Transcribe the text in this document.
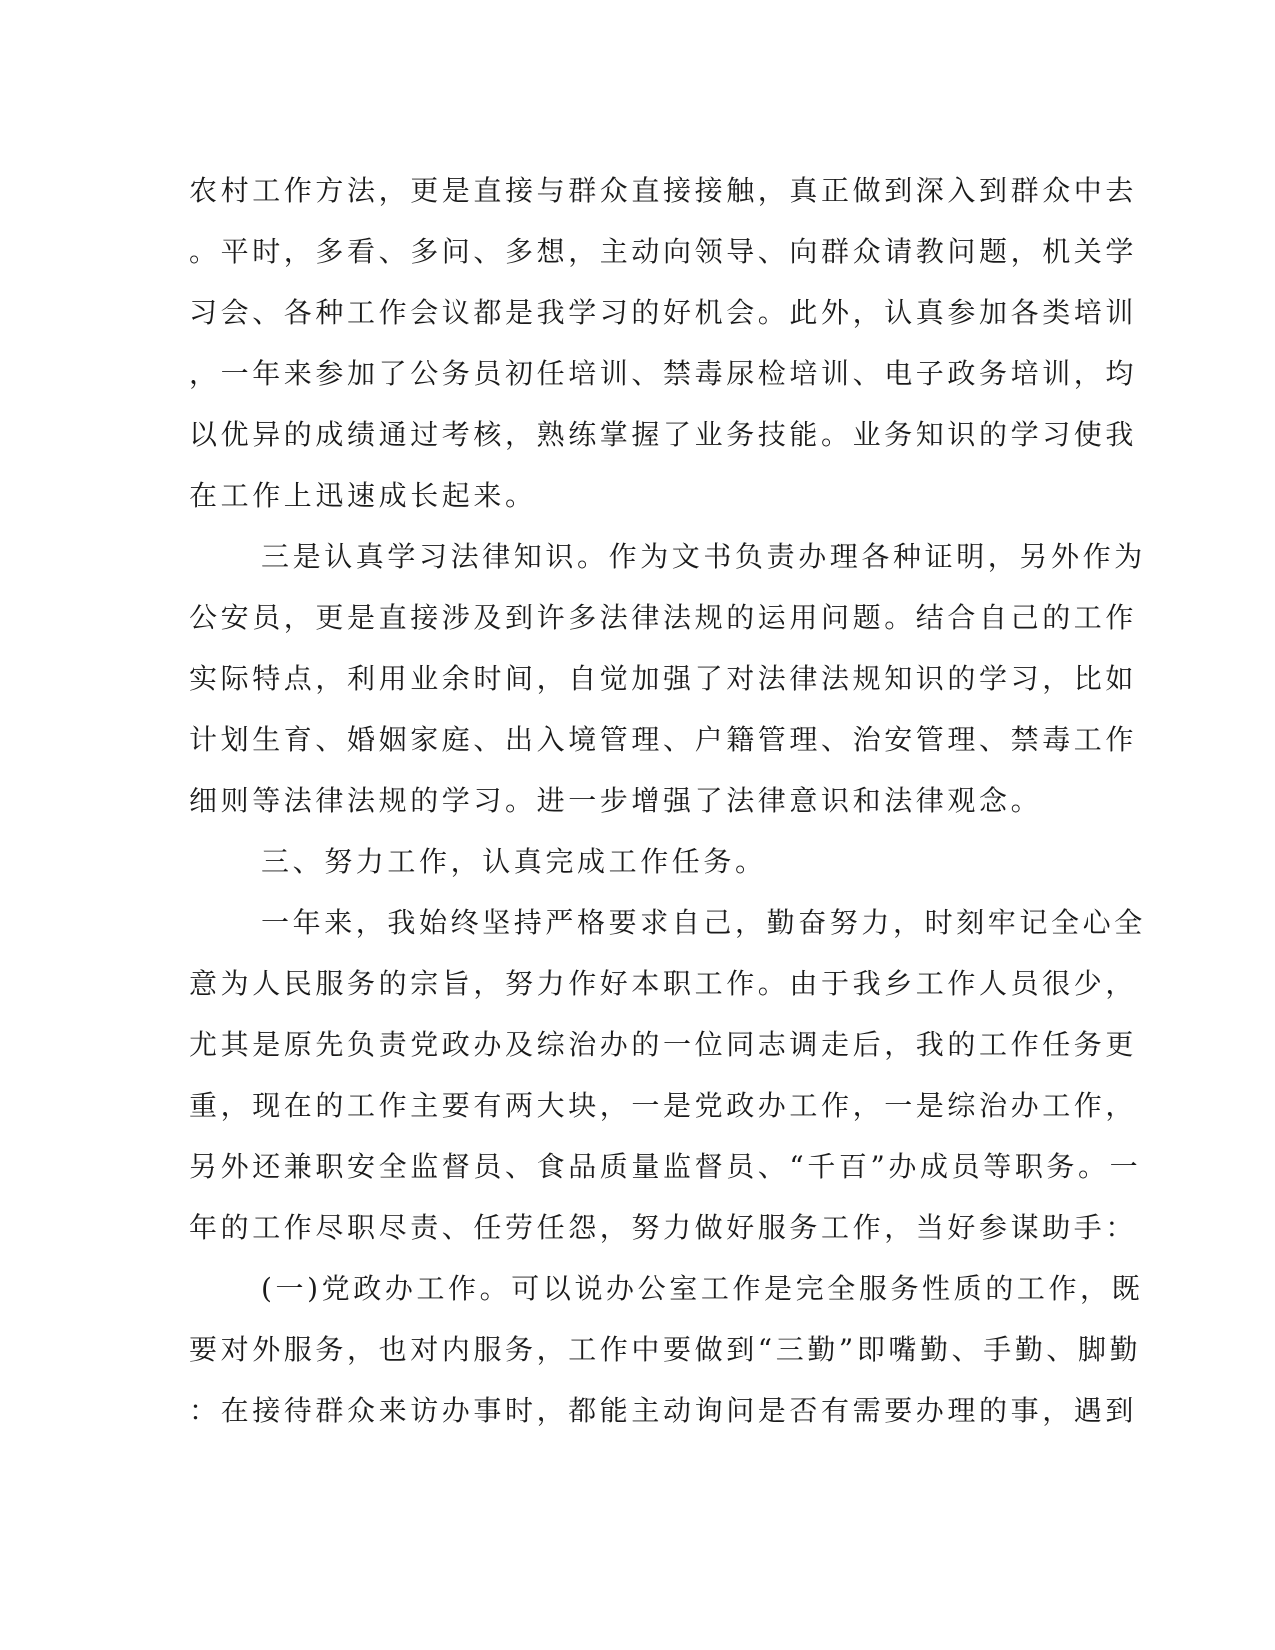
农村工作方法，更是直接与群众直接接触，真正做到深入到群众中去
。平时，多看、多问、多想，主动向领导、向群众请教问题，机关学
习会、各种工作会议都是我学习的好机会。此外，认真参加各类培训
，一年来参加了公务员初任培训、禁毒尿检培训、电子政务培训，均
以优异的成绩通过考核，熟练掌握了业务技能。业务知识的学习使我
在工作上迅速成长起来。
三是认真学习法律知识。作为文书负责办理各种证明，另外作为
公安员，更是直接涉及到许多法律法规的运用问题。结合自己的工作
实际特点，利用业余时间，自觉加强了对法律法规知识的学习，比如
计划生育、婚姻家庭、出入境管理、户籍管理、治安管理、禁毒工作
细则等法律法规的学习。进一步增强了法律意识和法律观念。
三、努力工作，认真完成工作任务。
一年来，我始终坚持严格要求自己，勤奋努力，时刻牢记全心全
意为人民服务的宗旨，努力作好本职工作。由于我乡工作人员很少，
尤其是原先负责党政办及综治办的一位同志调走后，我的工作任务更
重，现在的工作主要有两大块，一是党政办工作，一是综治办工作，
另外还兼职安全监督员、食品质量监督员、“千百”办成员等职务。一
年的工作尽职尽责、任劳任怨，努力做好服务工作，当好参谋助手：
(一)党政办工作。可以说办公室工作是完全服务性质的工作，既
要对外服务，也对内服务，工作中要做到“三勤”即嘴勤、手勤、脚勤
：在接待群众来访办事时，都能主动询问是否有需要办理的事，遇到
